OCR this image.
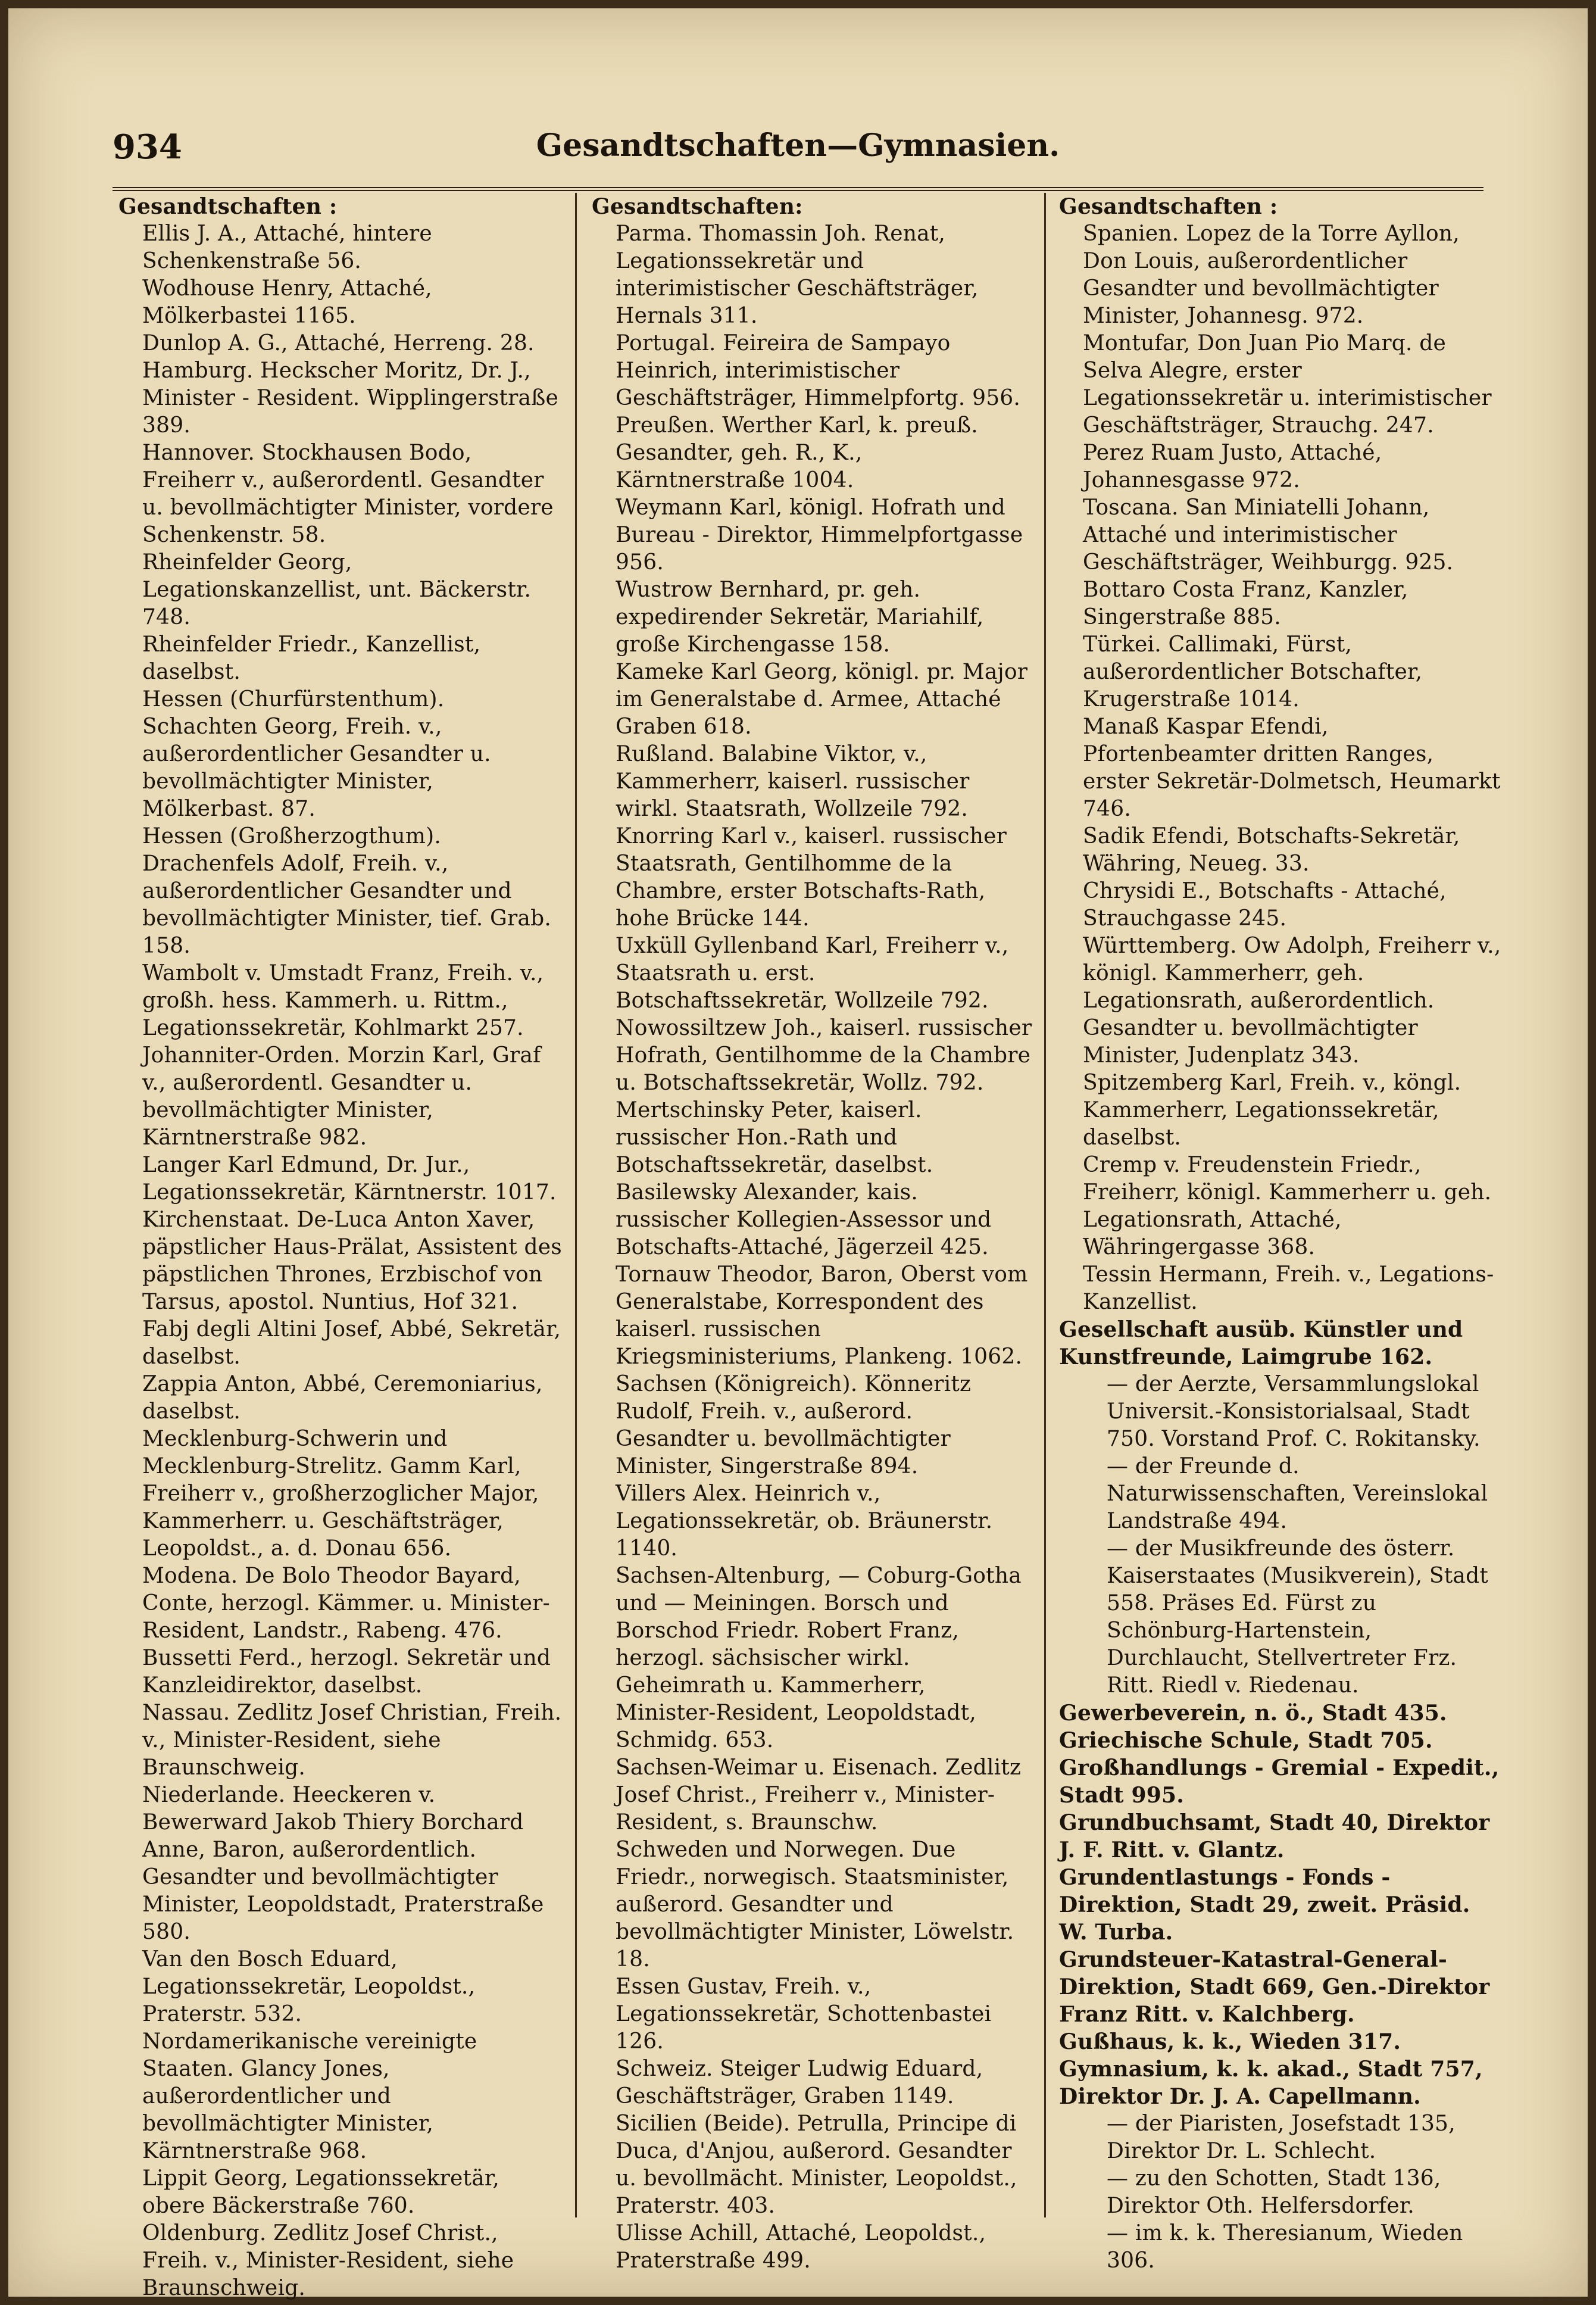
934	Gesandtschaften—Gymnasien.
Gesandtschaften :

Ellis J. A., Attaché, hintere Schenkenstraße 56.

Wodhouse Henry, Attaché, Mölkerbastei 1165.

Dunlop A. G., Attaché, Herreng. 28.

Hamburg. Heckscher Moritz, Dr. J., Minister - Resident. Wipplingerstraße 389.

Hannover. Stockhausen Bodo, Freiherr v., außerordentl. Gesandter u. bevollmächtigter Minister, vordere Schenkenstr. 58.

Rheinfelder Georg, Legationskanzellist, unt. Bäckerstr. 748.

Rheinfelder Friedr., Kanzellist, daselbst.

Hessen (Churfürstenthum). Schachten Georg, Freih. v., außerordentlicher Gesandter u. bevollmächtigter Minister, Mölkerbast. 87.

Hessen (Großherzogthum). Drachenfels Adolf, Freih. v., außerordentlicher Gesandter und bevollmächtigter Minister, tief. Grab. 158.

Wambolt v. Umstadt Franz, Freih. v., großh. hess. Kammerh. u. Rittm., Legationssekretär, Kohlmarkt 257.

Johanniter-Orden. Morzin Karl, Graf v., außerordentl. Gesandter u. bevollmächtigter Minister, Kärntnerstraße 982.

Langer Karl Edmund, Dr. Jur., Legationssekretär, Kärntnerstr. 1017.

Kirchenstaat. De-Luca Anton Xaver, päpstlicher Haus-Prälat, Assistent des päpstlichen Thrones, Erzbischof von Tarsus, apostol. Nuntius, Hof 321.

Fabj degli Altini Josef, Abbé, Sekretär, daselbst.

Zappia Anton, Abbé, Ceremoniarius, daselbst.

Mecklenburg-Schwerin und Mecklenburg-Strelitz. Gamm Karl, Freiherr v., großherzoglicher Major, Kammerherr. u. Geschäftsträger, Leopoldst., a. d. Donau 656.

Modena. De Bolo Theodor Bayard, Conte, herzogl. Kämmer. u. Minister-Resident, Landstr., Rabeng. 476.

Bussetti Ferd., herzogl. Sekretär und Kanzleidirektor, daselbst.

Nassau. Zedlitz Josef Christian, Freih. v., Minister-Resident, siehe Braunschweig.

Niederlande. Heeckeren v. Bewerward Jakob Thiery Borchard Anne, Baron, außerordentlich. Gesandter und bevollmächtigter Minister, Leopoldstadt, Praterstraße 580.

Van den Bosch Eduard, Legationssekretär, Leopoldst., Praterstr. 532.

Nordamerikanische vereinigte Staaten. Glancy Jones, außerordentlicher und bevollmächtigter Minister, Kärntnerstraße 968.

Lippit Georg, Legationssekretär, obere Bäckerstraße 760.

Oldenburg. Zedlitz Josef Christ., Freih. v., Minister-Resident, siehe Braunschweig.

Gesandtschaften:

Parma. Thomassin Joh. Renat, Legationssekretär und interimistischer Geschäftsträger, Hernals 311.

Portugal. Feireira de Sampayo Heinrich, interimistischer Geschäftsträger, Himmelpfortg. 956.

Preußen. Werther Karl, k. preuß. Gesandter, geh. R., K., Kärntnerstraße 1004.

Weymann Karl, königl. Hofrath und Bureau - Direktor, Himmelpfortgasse 956.

Wustrow Bernhard, pr. geh. expedirender Sekretär, Mariahilf, große Kirchengasse 158.

Kameke Karl Georg, königl. pr. Major im Generalstabe d. Armee, Attaché Graben 618.

Rußland. Balabine Viktor, v., Kammerherr, kaiserl. russischer wirkl. Staatsrath, Wollzeile 792.

Knorring Karl v., kaiserl. russischer Staatsrath, Gentilhomme de la Chambre, erster Botschafts-Rath, hohe Brücke 144.

Uxküll Gyllenband Karl, Freiherr v., Staatsrath u. erst. Botschaftssekretär, Wollzeile 792.

Nowossiltzew Joh., kaiserl. russischer Hofrath, Gentilhomme de la Chambre u. Botschaftssekretär, Wollz. 792.

Mertschinsky Peter, kaiserl. russischer Hon.-Rath und Botschaftssekretär, daselbst.

Basilewsky Alexander, kais. russischer Kollegien-Assessor und Botschafts-Attaché, Jägerzeil 425.

Tornauw Theodor, Baron, Oberst vom Generalstabe, Korrespondent des kaiserl. russischen Kriegsministeriums, Plankeng. 1062.

Sachsen (Königreich). Könneritz Rudolf, Freih. v., außerord. Gesandter u. bevollmächtigter Minister, Singerstraße 894.

Villers Alex. Heinrich v., Legationssekretär, ob. Bräunerstr. 1140.

Sachsen-Altenburg, — Coburg-Gotha und — Meiningen. Borsch und Borschod Friedr. Robert Franz, herzogl. sächsischer wirkl. Geheimrath u. Kammerherr, Minister-Resident, Leopoldstadt, Schmidg. 653.

Sachsen-Weimar u. Eisenach. Zedlitz Josef Christ., Freiherr v., Minister-Resident, s. Braunschw.

Schweden und Norwegen. Due Friedr., norwegisch. Staatsminister, außerord. Gesandter und bevollmächtigter Minister, Löwelstr. 18.

Essen Gustav, Freih. v., Legationssekretär, Schottenbastei 126.

Schweiz. Steiger Ludwig Eduard, Geschäftsträger, Graben 1149.

Sicilien (Beide). Petrulla, Principe di Duca, d'Anjou, außerord. Gesandter u. bevollmächt. Minister, Leopoldst., Praterstr. 403.

Ulisse Achill, Attaché, Leopoldst., Praterstraße 499.

Gesandtschaften :

Spanien. Lopez de la Torre Ayllon, Don Louis, außerordentlicher Gesandter und bevollmächtigter Minister, Johannesg. 972.

Montufar, Don Juan Pio Marq. de Selva Alegre, erster Legationssekretär u. interimistischer Geschäftsträger, Strauchg. 247.

Perez Ruam Justo, Attaché, Johannesgasse 972.

Toscana. San Miniatelli Johann, Attaché und interimistischer Geschäftsträger, Weihburgg. 925.

Bottaro Costa Franz, Kanzler, Singerstraße 885.

Türkei. Callimaki, Fürst, außerordentlicher Botschafter, Krugerstraße 1014.

Manaß Kaspar Efendi, Pfortenbeamter dritten Ranges, erster Sekretär-Dolmetsch, Heumarkt 746.

Sadik Efendi, Botschafts-Sekretär, Währing, Neueg. 33.

Chrysidi E., Botschafts - Attaché, Strauchgasse 245.

Württemberg. Ow Adolph, Freiherr v., königl. Kammerherr, geh. Legationsrath, außerordentlich. Gesandter u. bevollmächtigter Minister, Judenplatz 343.

Spitzemberg Karl, Freih. v., köngl. Kammerherr, Legationssekretär, daselbst.

Cremp v. Freudenstein Friedr., Freiherr, königl. Kammerherr u. geh. Legationsrath, Attaché, Währingergasse 368.

Tessin Hermann, Freih. v., Legations-Kanzellist.

Gesellschaft ausüb. Künstler und Kunstfreunde, Laimgrube 162.

— der Aerzte, Versammlungslokal Universit.-Konsistorialsaal, Stadt 750. Vorstand Prof. C. Rokitansky.

— der Freunde d. Naturwissenschaften, Vereinslokal Landstraße 494.

— der Musikfreunde des österr. Kaiserstaates (Musikverein), Stadt 558. Präses Ed. Fürst zu Schönburg-Hartenstein, Durchlaucht, Stellvertreter Frz. Ritt. Riedl v. Riedenau.

Gewerbeverein, n. ö., Stadt 435.

Griechische Schule, Stadt 705.

Großhandlungs - Gremial - Expedit., Stadt 995.

Grundbuchsamt, Stadt 40, Direktor J. F. Ritt. v. Glantz.

Grundentlastungs - Fonds - Direktion, Stadt 29, zweit. Präsid. W. Turba.

Grundsteuer-Katastral-General-Direktion, Stadt 669, Gen.-Direktor Franz Ritt. v. Kalchberg.

Gußhaus, k. k., Wieden 317.

Gymnasium, k. k. akad., Stadt 757, Direktor Dr. J. A. Capellmann.

— der Piaristen, Josefstadt 135, Direktor Dr. L. Schlecht.

— zu den Schotten, Stadt 136, Direktor Oth. Helfersdorfer.

— im k. k. Theresianum, Wieden 306.
